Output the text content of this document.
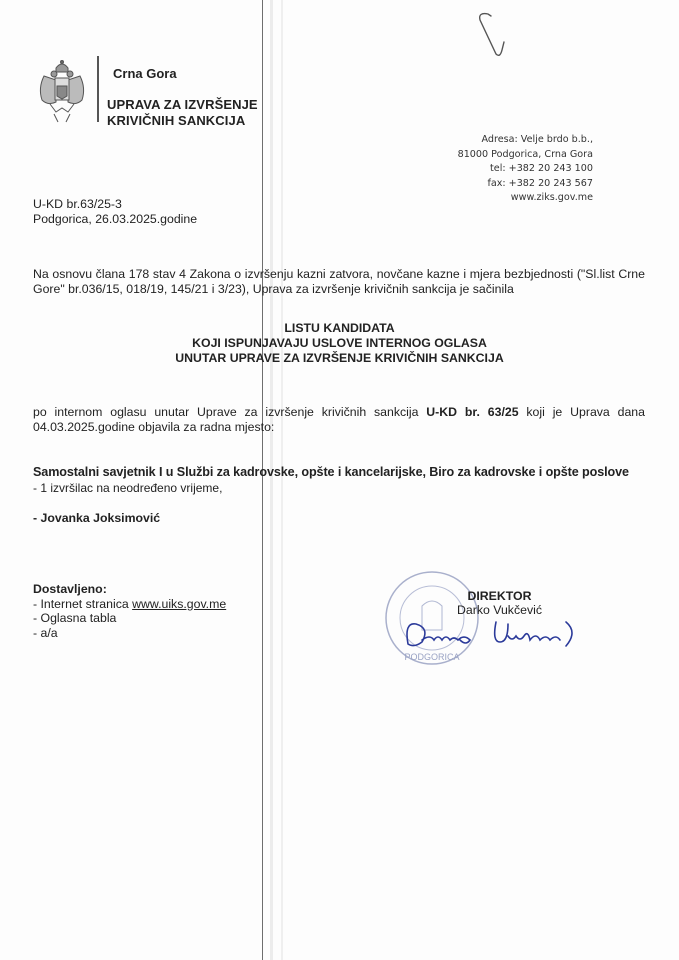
Crna Gora
UPRAVA ZA IZVRŠENJE
KRIVIČNIH SANKCIJA
Adresa: Velje brdo b.b.,
81000 Podgorica, Crna Gora
tel: +382 20 243 100
fax: +382 20 243 567
www.ziks.gov.me
U-KD br.63/25-3
Podgorica, 26.03.2025.godine
Na osnovu člana 178 stav 4 Zakona o izvršenju kazni zatvora, novčane kazne i mjera bezbjednosti ("Sl.list Crne Gore" br.036/15, 018/19, 145/21 i 3/23), Uprava za izvršenje krivičnih sankcija je sačinila
LISTU KANDIDATA
KOJI ISPUNJAVAJU USLOVE INTERNOG OGLASA
UNUTAR UPRAVE ZA IZVRŠENJE KRIVIČNIH SANKCIJA
po internom oglasu unutar Uprave za izvršenje krivičnih sankcija U-KD br. 63/25 koji je Uprava dana 04.03.2025.godine objavila za radna mjesto:
Samostalni savjetnik I u Službi za kadrovske, opšte i kancelarijske, Biro za kadrovske i opšte poslove
- 1 izvršilac na neodređeno vrijeme,
- Jovanka Joksimović
Dostavljeno:
- Internet stranica www.uiks.gov.me
- Oglasna tabla
- a/a
PODGORICA
DIREKTOR
Darko Vukčević
